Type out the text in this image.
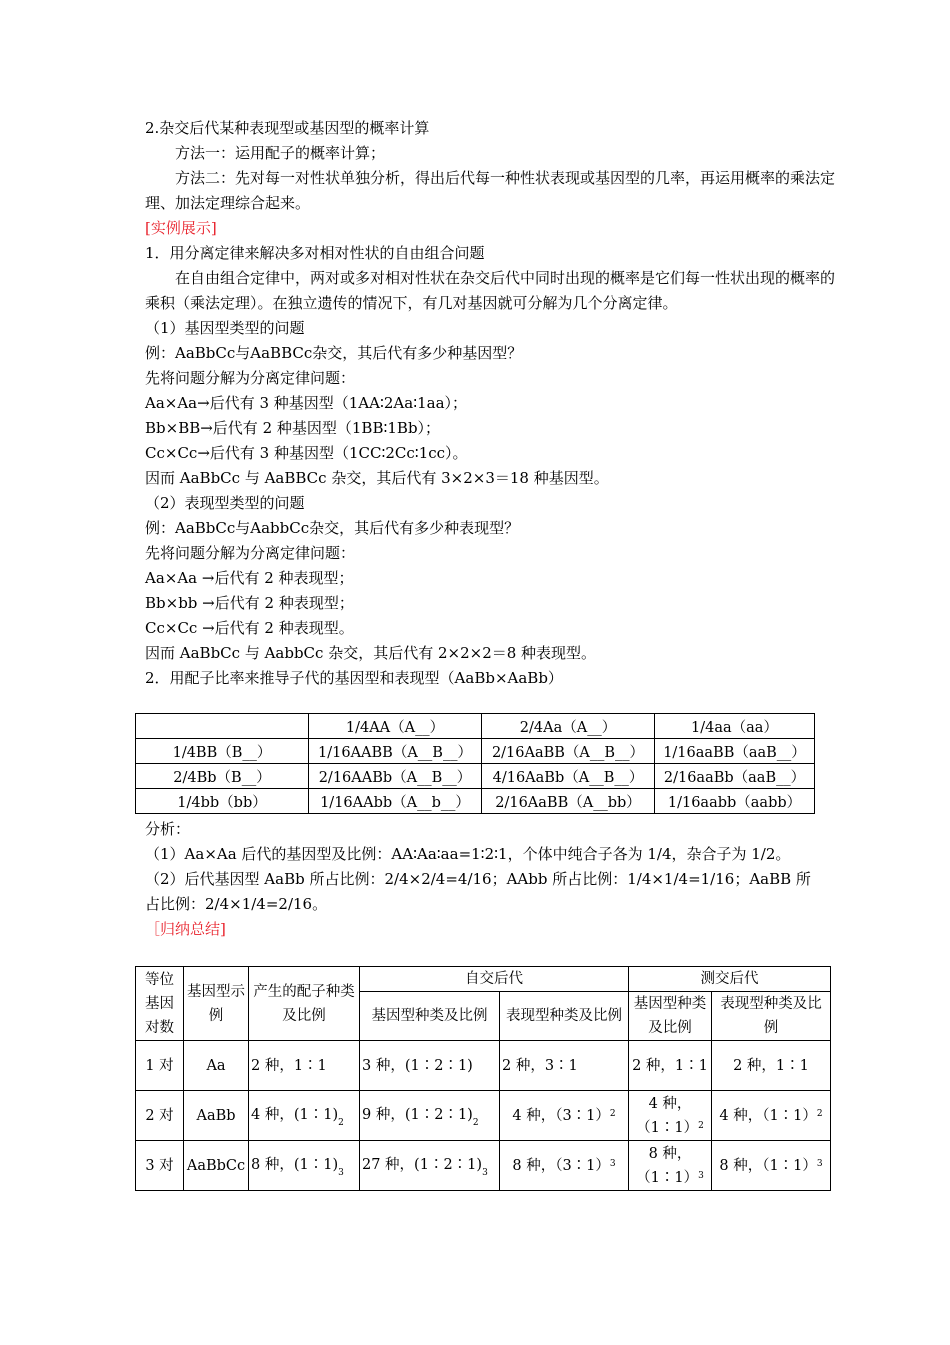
2.杂交后代某种表现型或基因型的概率计算
方法一：运用配子的概率计算；
方法二：先对每一对性状单独分析，得出后代每一种性状表现或基因型的几率，再运用概率的乘法定理、加法定理综合起来。
[实例展示]
1．用分离定律来解决多对相对性状的自由组合问题
在自由组合定律中，两对或多对相对性状在杂交后代中同时出现的概率是它们每一性状出现的概率的乘积（乘法定理）。在独立遗传的情况下，有几对基因就可分解为几个分离定律。
（1）基因型类型的问题
例：AaBbCc与AaBBCc杂交，其后代有多少种基因型？
先将问题分解为分离定律问题：
Aa×Aa→后代有 3 种基因型（1AA∶2Aa∶1aa）；
Bb×BB→后代有 2 种基因型（1BB∶1Bb）；
Cc×Cc→后代有 3 种基因型（1CC∶2Cc∶1cc）。
因而 AaBbCc 与 AaBBCc 杂交，其后代有 3×2×3＝18 种基因型。
（2）表现型类型的问题
例：AaBbCc与AabbCc杂交，其后代有多少种表现型？
先将问题分解为分离定律问题：
Aa×Aa →后代有 2 种表现型；
Bb×bb →后代有 2 种表现型；
Cc×Cc →后代有 2 种表现型。
因而 AaBbCc 与 AabbCc 杂交，其后代有 2×2×2＝8 种表现型。
2．用配子比率来推导子代的基因型和表现型（AaBb×AaBb）
	1/4AA（A__）	2/4Aa（A__）	1/4aa（aa）
1/4BB（B__）	1/16AABB（A__B__）	2/16AaBB（A__B__）	1/16aaBB（aaB__）
2/4Bb（B__）	2/16AABb（A__B__）	4/16AaBb（A__B__）	2/16aaBb（aaB__）
1/4bb（bb）	1/16AAbb（A__b__）	2/16AaBB（A__bb）	1/16aabb（aabb）
分析：
（1）Aa×Aa 后代的基因型及比例：AA∶Aa∶aa=1∶2∶1，个体中纯合子各为 1/4，杂合子为 1/2。
（2）后代基因型 AaBb 所占比例：2/4×2/4=4/16；AAbb 所占比例：1/4×1/4=1/16；AaBB 所占比例：2/4×1/4=2/16。
［归纳总结]
等位基因对数	基因型示例	产生的配子种类及比例	自交后代		测交后代	
			基因型种类及比例	表现型种类及比例	基因型种类及比例	表现型种类及比例
1 对	Aa	2 种，1∶1	3 种，(1∶2∶1)	2 种，3∶1	2 种，1∶1	2 种，1∶1
2 对	AaBb	4 种，$(1∶1)_2$	9 种，$(1∶2∶1)_2$	4 种，（3∶1）$^2$	4 种，（1∶1）$^2$	4 种，（1∶1）$^2$
3 对	AaBbCc	8 种，$(1∶1)_3$	27 种，$(1∶2∶1)_3$	8 种，（3∶1）$^3$	8 种，（1∶1）$^3$	8 种，（1∶1）$^3$
